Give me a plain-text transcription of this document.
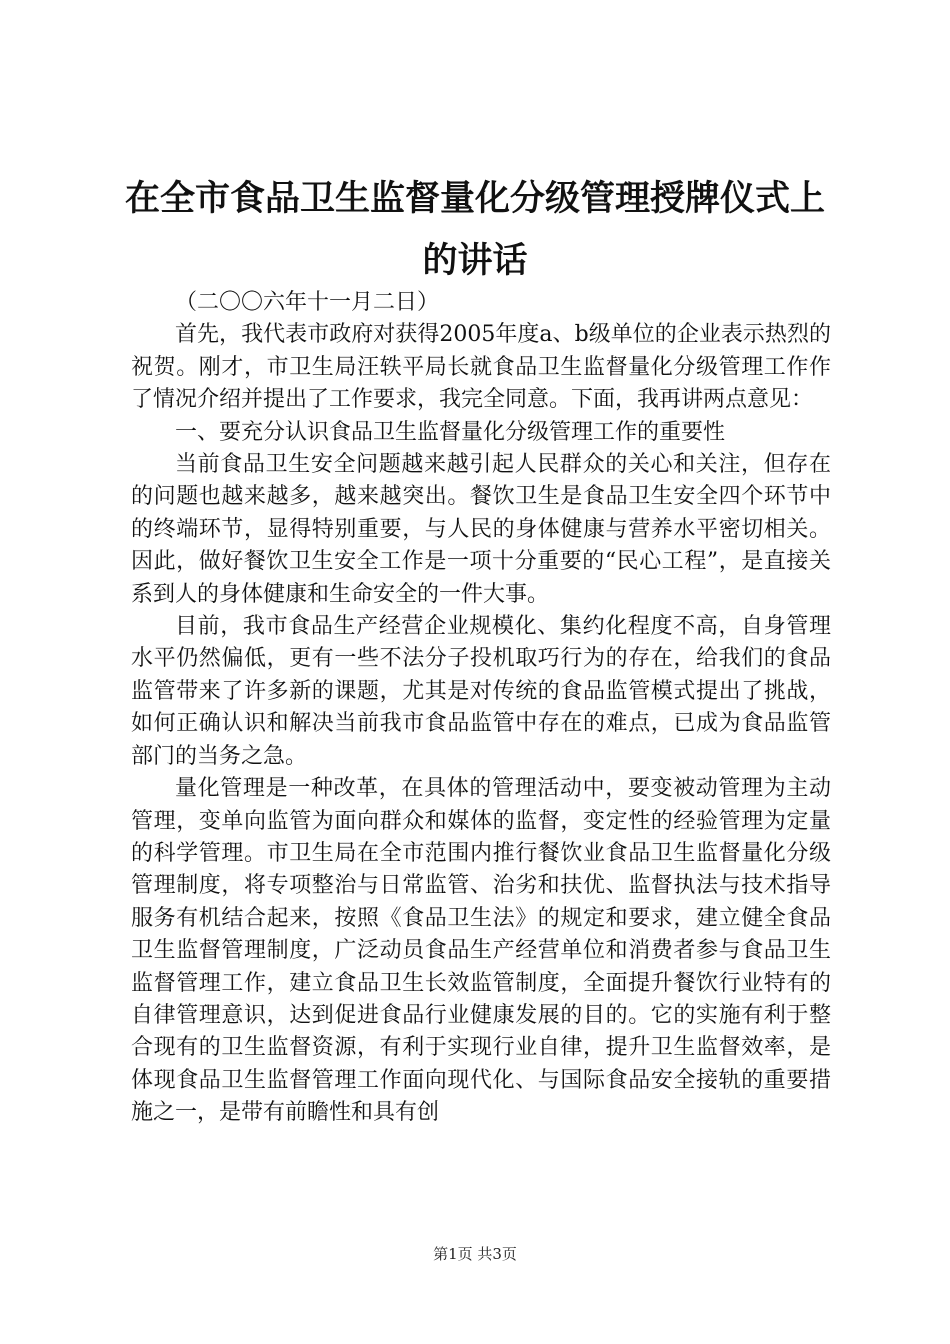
在全市食品卫生监督量化分级管理授牌仪式上
的讲话

（二〇〇六年十一月二日）

首先，我代表市政府对获得2005年度a、b级单位的企业表示热烈的祝贺。刚才，市卫生局汪轶平局长就食品卫生监督量化分级管理工作作了情况介绍并提出了工作要求，我完全同意。下面，我再讲两点意见：

一、要充分认识食品卫生监督量化分级管理工作的重要性

当前食品卫生安全问题越来越引起人民群众的关心和关注，但存在的问题也越来越多，越来越突出。餐饮卫生是食品卫生安全四个环节中的终端环节，显得特别重要，与人民的身体健康与营养水平密切相关。因此，做好餐饮卫生安全工作是一项十分重要的“民心工程”，是直接关系到人的身体健康和生命安全的一件大事。

目前，我市食品生产经营企业规模化、集约化程度不高，自身管理水平仍然偏低，更有一些不法分子投机取巧行为的存在，给我们的食品监管带来了许多新的课题，尤其是对传统的食品监管模式提出了挑战，如何正确认识和解决当前我市食品监管中存在的难点，已成为食品监管部门的当务之急。

量化管理是一种改革，在具体的管理活动中，要变被动管理为主动管理，变单向监管为面向群众和媒体的监督，变定性的经验管理为定量的科学管理。市卫生局在全市范围内推行餐饮业食品卫生监督量化分级管理制度，将专项整治与日常监管、治劣和扶优、监督执法与技术指导服务有机结合起来，按照《食品卫生法》的规定和要求，建立健全食品卫生监督管理制度，广泛动员食品生产经营单位和消费者参与食品卫生监督管理工作，建立食品卫生长效监管制度，全面提升餐饮行业特有的自律管理意识，达到促进食品行业健康发展的目的。它的实施有利于整合现有的卫生监督资源，有利于实现行业自律，提升卫生监督效率，是体现食品卫生监督管理工作面向现代化、与国际食品安全接轨的重要措施之一，是带有前瞻性和具有创

第1页 共3页
